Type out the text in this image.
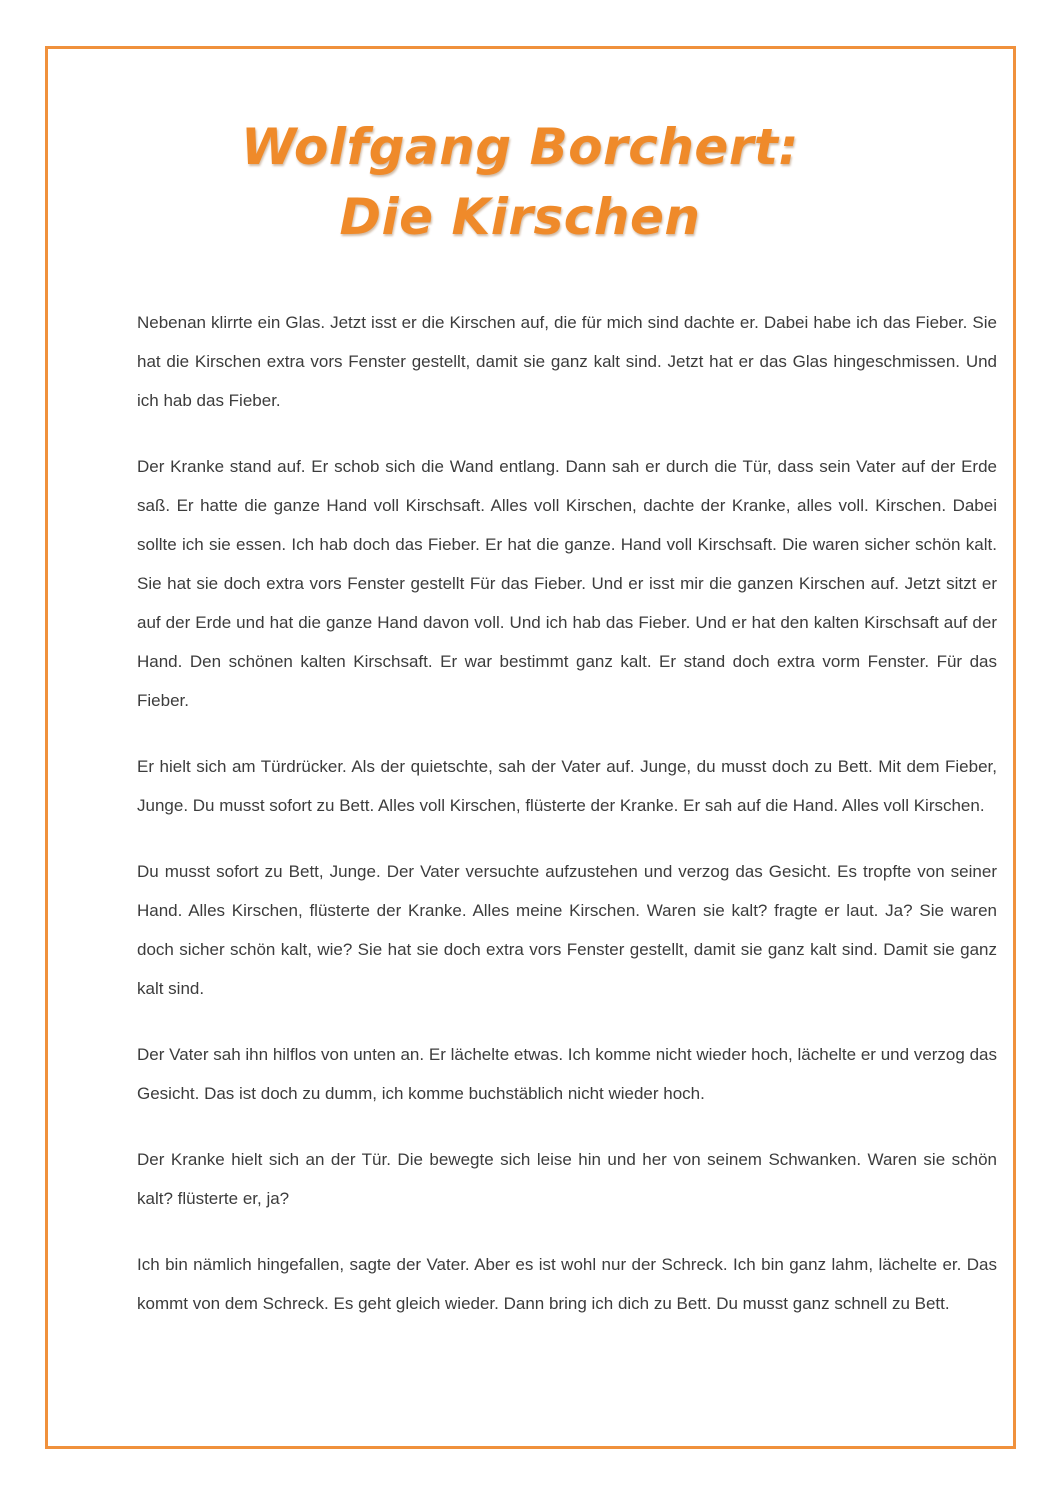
Wolfgang Borchert:
Die Kirschen

Nebenan klirrte ein Glas. Jetzt isst er die Kirschen auf, die für mich sind dachte er. Dabei habe ich das Fieber. Sie hat die Kirschen extra vors Fenster gestellt, damit sie ganz kalt sind. Jetzt hat er das Glas hingeschmissen. Und ich hab das Fieber.

Der Kranke stand auf. Er schob sich die Wand entlang. Dann sah er durch die Tür, dass sein Vater auf der Erde saß. Er hatte die ganze Hand voll Kirschsaft. Alles voll Kirschen, dachte der Kranke, alles voll. Kirschen. Dabei sollte ich sie essen. Ich hab doch das Fieber. Er hat die ganze. Hand voll Kirschsaft. Die waren sicher schön kalt. Sie hat sie doch extra vors Fenster gestellt Für das Fieber. Und er isst mir die ganzen Kirschen auf. Jetzt sitzt er auf der Erde und hat die ganze Hand davon voll. Und ich hab das Fieber. Und er hat den kalten Kirschsaft auf der Hand. Den schönen kalten Kirschsaft. Er war bestimmt ganz kalt. Er stand doch extra vorm Fenster. Für das Fieber.

Er hielt sich am Türdrücker. Als der quietschte, sah der Vater auf. Junge, du musst doch zu Bett. Mit dem Fieber, Junge. Du musst sofort zu Bett. Alles voll Kirschen, flüsterte der Kranke. Er sah auf die Hand. Alles voll Kirschen.

Du musst sofort zu Bett, Junge. Der Vater versuchte aufzustehen und verzog das Gesicht. Es tropfte von seiner Hand. Alles Kirschen, flüsterte der Kranke. Alles meine Kirschen. Waren sie kalt? fragte er laut. Ja? Sie waren doch sicher schön kalt, wie? Sie hat sie doch extra vors Fenster gestellt, damit sie ganz kalt sind. Damit sie ganz kalt sind.

Der Vater sah ihn hilflos von unten an. Er lächelte etwas. Ich komme nicht wieder hoch, lächelte er und verzog das Gesicht. Das ist doch zu dumm, ich komme buchstäblich nicht wieder hoch.

Der Kranke hielt sich an der Tür. Die bewegte sich leise hin und her von seinem Schwanken. Waren sie schön kalt? flüsterte er, ja?

Ich bin nämlich hingefallen, sagte der Vater. Aber es ist wohl nur der Schreck. Ich bin ganz lahm, lächelte er. Das kommt von dem Schreck. Es geht gleich wieder. Dann bring ich dich zu Bett. Du musst ganz schnell zu Bett.
